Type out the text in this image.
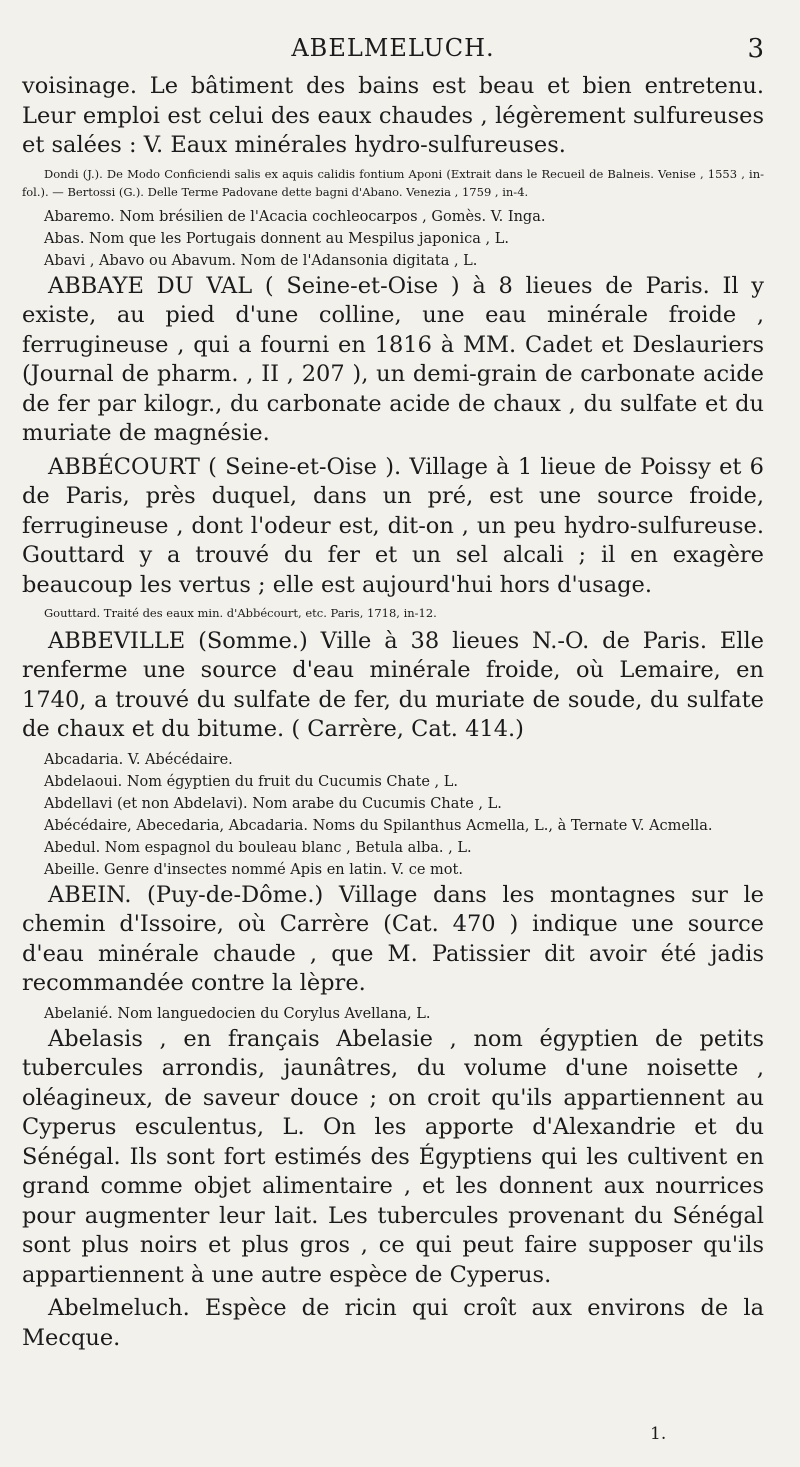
ABELMELUCH.	3

voisinage. Le bâtiment des bains est beau et bien entretenu. Leur emploi est celui des eaux chaudes , légèrement sulfureuses et salées : V. Eaux minérales hydro-sulfureuses.

Dondi (J.). De Modo Conficiendi salis ex aquis calidis fontium Aponi (Extrait dans le Recueil de Balneis. Venise , 1553 , in-fol.). — Bertossi (G.). Delle Terme Padovane dette bagni d'Abano. Venezia , 1759 , in-4.

Abaremo. Nom brésilien de l'Acacia cochleocarpos , Gomès. V. Inga.

Abas. Nom que les Portugais donnent au Mespilus japonica , L.

Abavi , Abavo ou Abavum. Nom de l'Adansonia digitata , L.

ABBAYE DU VAL ( Seine-et-Oise ) à 8 lieues de Paris. Il y existe, au pied d'une colline, une eau minérale froide , ferrugineuse , qui a fourni en 1816 à MM. Cadet et Deslauriers (Journal de pharm. , II , 207 ), un demi-grain de carbonate acide de fer par kilogr., du carbonate acide de chaux , du sulfate et du muriate de magnésie.

ABBÉCOURT ( Seine-et-Oise ). Village à 1 lieue de Poissy et 6 de Paris, près duquel, dans un pré, est une source froide, ferrugineuse , dont l'odeur est, dit-on , un peu hydro-sulfureuse. Gouttard y a trouvé du fer et un sel alcali ; il en exagère beaucoup les vertus ; elle est aujourd'hui hors d'usage.

Gouttard. Traité des eaux min. d'Abbécourt, etc. Paris, 1718, in-12.

ABBEVILLE (Somme.) Ville à 38 lieues N.-O. de Paris. Elle renferme une source d'eau minérale froide, où Lemaire, en 1740, a trouvé du sulfate de fer, du muriate de soude, du sulfate de chaux et du bitume. ( Carrère, Cat. 414.)

Abcadaria. V. Abécédaire.

Abdelaoui. Nom égyptien du fruit du Cucumis Chate , L.

Abdellavi (et non Abdelavi). Nom arabe du Cucumis Chate , L.

Abécédaire, Abecedaria, Abcadaria. Noms du Spilanthus Acmella, L., à Ternate V. Acmella.

Abedul. Nom espagnol du bouleau blanc , Betula alba. , L.

Abeille. Genre d'insectes nommé Apis en latin. V. ce mot.

ABEIN. (Puy-de-Dôme.) Village dans les montagnes sur le chemin d'Issoire, où Carrère (Cat. 470 ) indique une source d'eau minérale chaude , que M. Patissier dit avoir été jadis recommandée contre la lèpre.

Abelanié. Nom languedocien du Corylus Avellana, L.

Abelasis , en français Abelasie , nom égyptien de petits tubercules arrondis, jaunâtres, du volume d'une noisette , oléagineux, de saveur douce ; on croit qu'ils appartiennent au Cyperus esculentus, L. On les apporte d'Alexandrie et du Sénégal. Ils sont fort estimés des Égyptiens qui les cultivent en grand comme objet alimentaire , et les donnent aux nourrices pour augmenter leur lait. Les tubercules provenant du Sénégal sont plus noirs et plus gros , ce qui peut faire supposer qu'ils appartiennent à une autre espèce de Cyperus.

Abelmeluch. Espèce de ricin qui croît aux environs de la Mecque.

1.
